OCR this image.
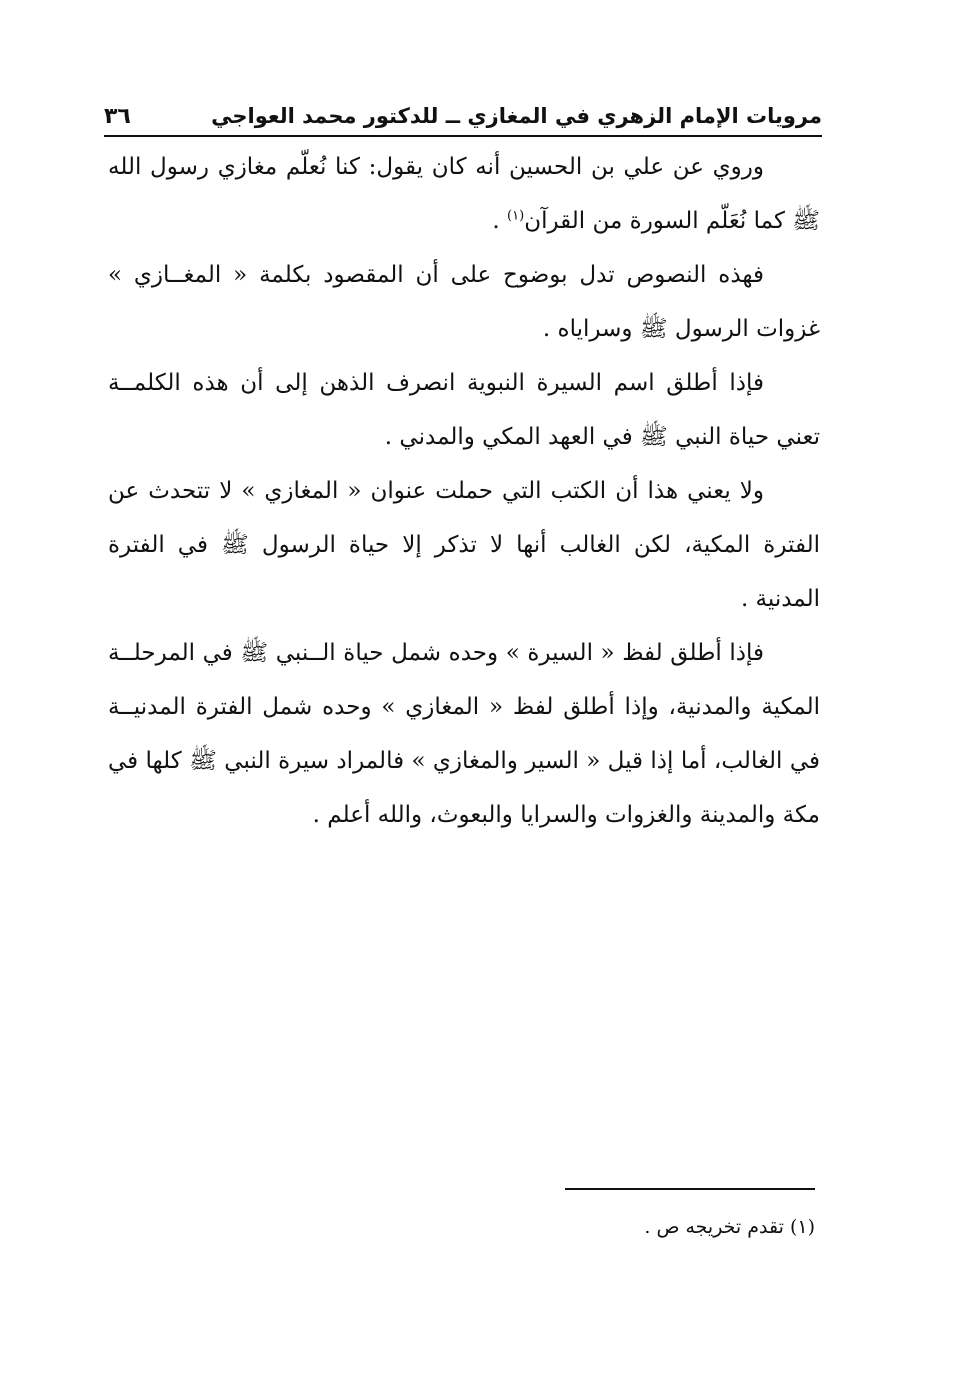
مرويات الإمام الزهري في المغازي ــ للدكتور محمد العواجي
٣٦

وروي عن علي بن الحسين أنه كان يقول: كنا نُعلّم مغازي رسول الله ﷺ كما نُعَلّم السورة من القرآن$^{(١)}$ .

فهذه النصوص تدل بوضوح على أن المقصود بكلمة « المغــازي » غزوات الرسول ﷺ وسراياه .

فإذا أطلق اسم السيرة النبوية انصرف الذهن إلى أن هذه الكلمــة تعني حياة النبي ﷺ في العهد المكي والمدني .

ولا يعني هذا أن الكتب التي حملت عنوان « المغازي » لا تتحدث عن الفترة المكية، لكن الغالب أنها لا تذكر إلا حياة الرسول ﷺ في الفترة المدنية .

فإذا أطلق لفظ « السيرة » وحده شمل حياة الــنبي ﷺ في المرحلــة المكية والمدنية، وإذا أطلق لفظ « المغازي » وحده شمل الفترة المدنيــة في الغالب، أما إذا قيل « السير والمغازي » فالمراد سيرة النبي ﷺ كلها في مكة والمدينة والغزوات والسرايا والبعوث، والله أعلم .

(١) تقدم تخريجه ص .
